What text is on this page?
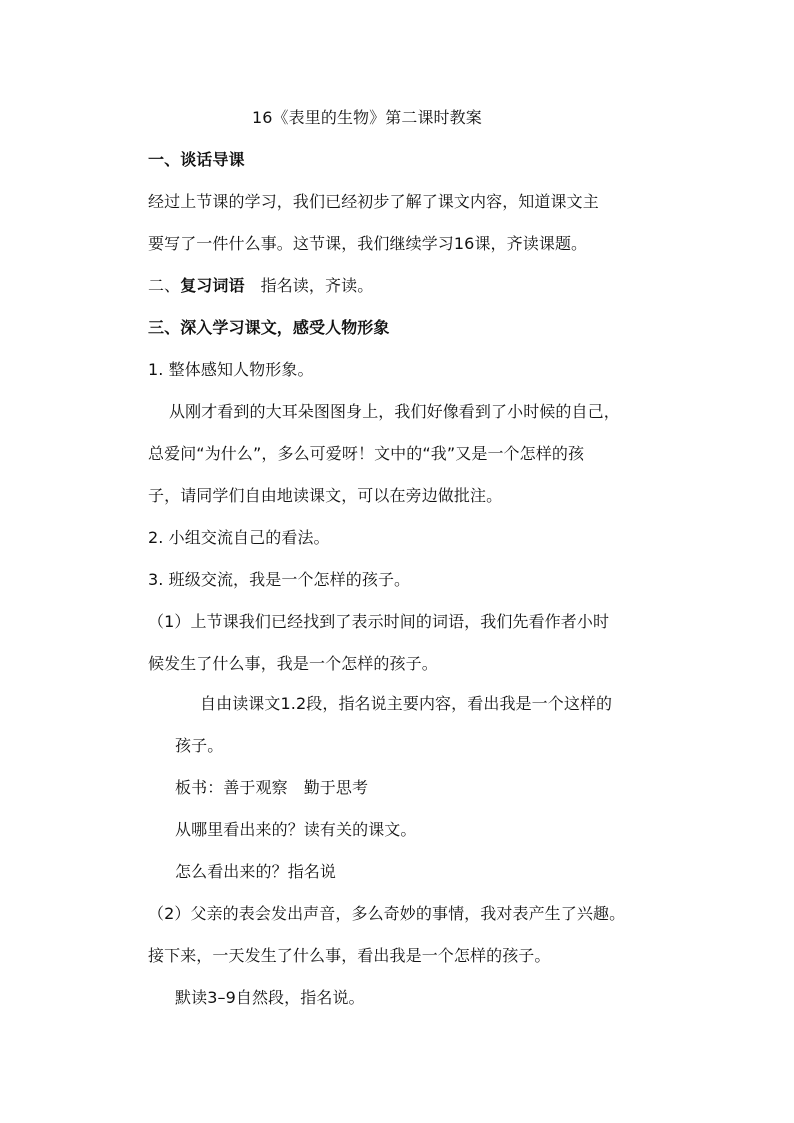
16《表里的生物》第二课时教案

一、谈话导课

经过上节课的学习，我们已经初步了解了课文内容，知道课文主

要写了一件什么事。这节课，我们继续学习16课，齐读课题。

二、复习词语 指名读，齐读。

三、深入学习课文，感受人物形象

1. 整体感知人物形象。

从刚才看到的大耳朵图图身上，我们好像看到了小时候的自己，

总爱问“为什么”，多么可爱呀！文中的“我”又是一个怎样的孩

子，请同学们自由地读课文，可以在旁边做批注。

2. 小组交流自己的看法。

3. 班级交流，我是一个怎样的孩子。

（1）上节课我们已经找到了表示时间的词语，我们先看作者小时

候发生了什么事，我是一个怎样的孩子。

自由读课文1.2段，指名说主要内容，看出我是一个这样的

孩子。

板书：善于观察 勤于思考

从哪里看出来的？读有关的课文。

怎么看出来的？指名说

（2）父亲的表会发出声音，多么奇妙的事情，我对表产生了兴趣。

接下来，一天发生了什么事，看出我是一个怎样的孩子。

默读3–9自然段，指名说。
